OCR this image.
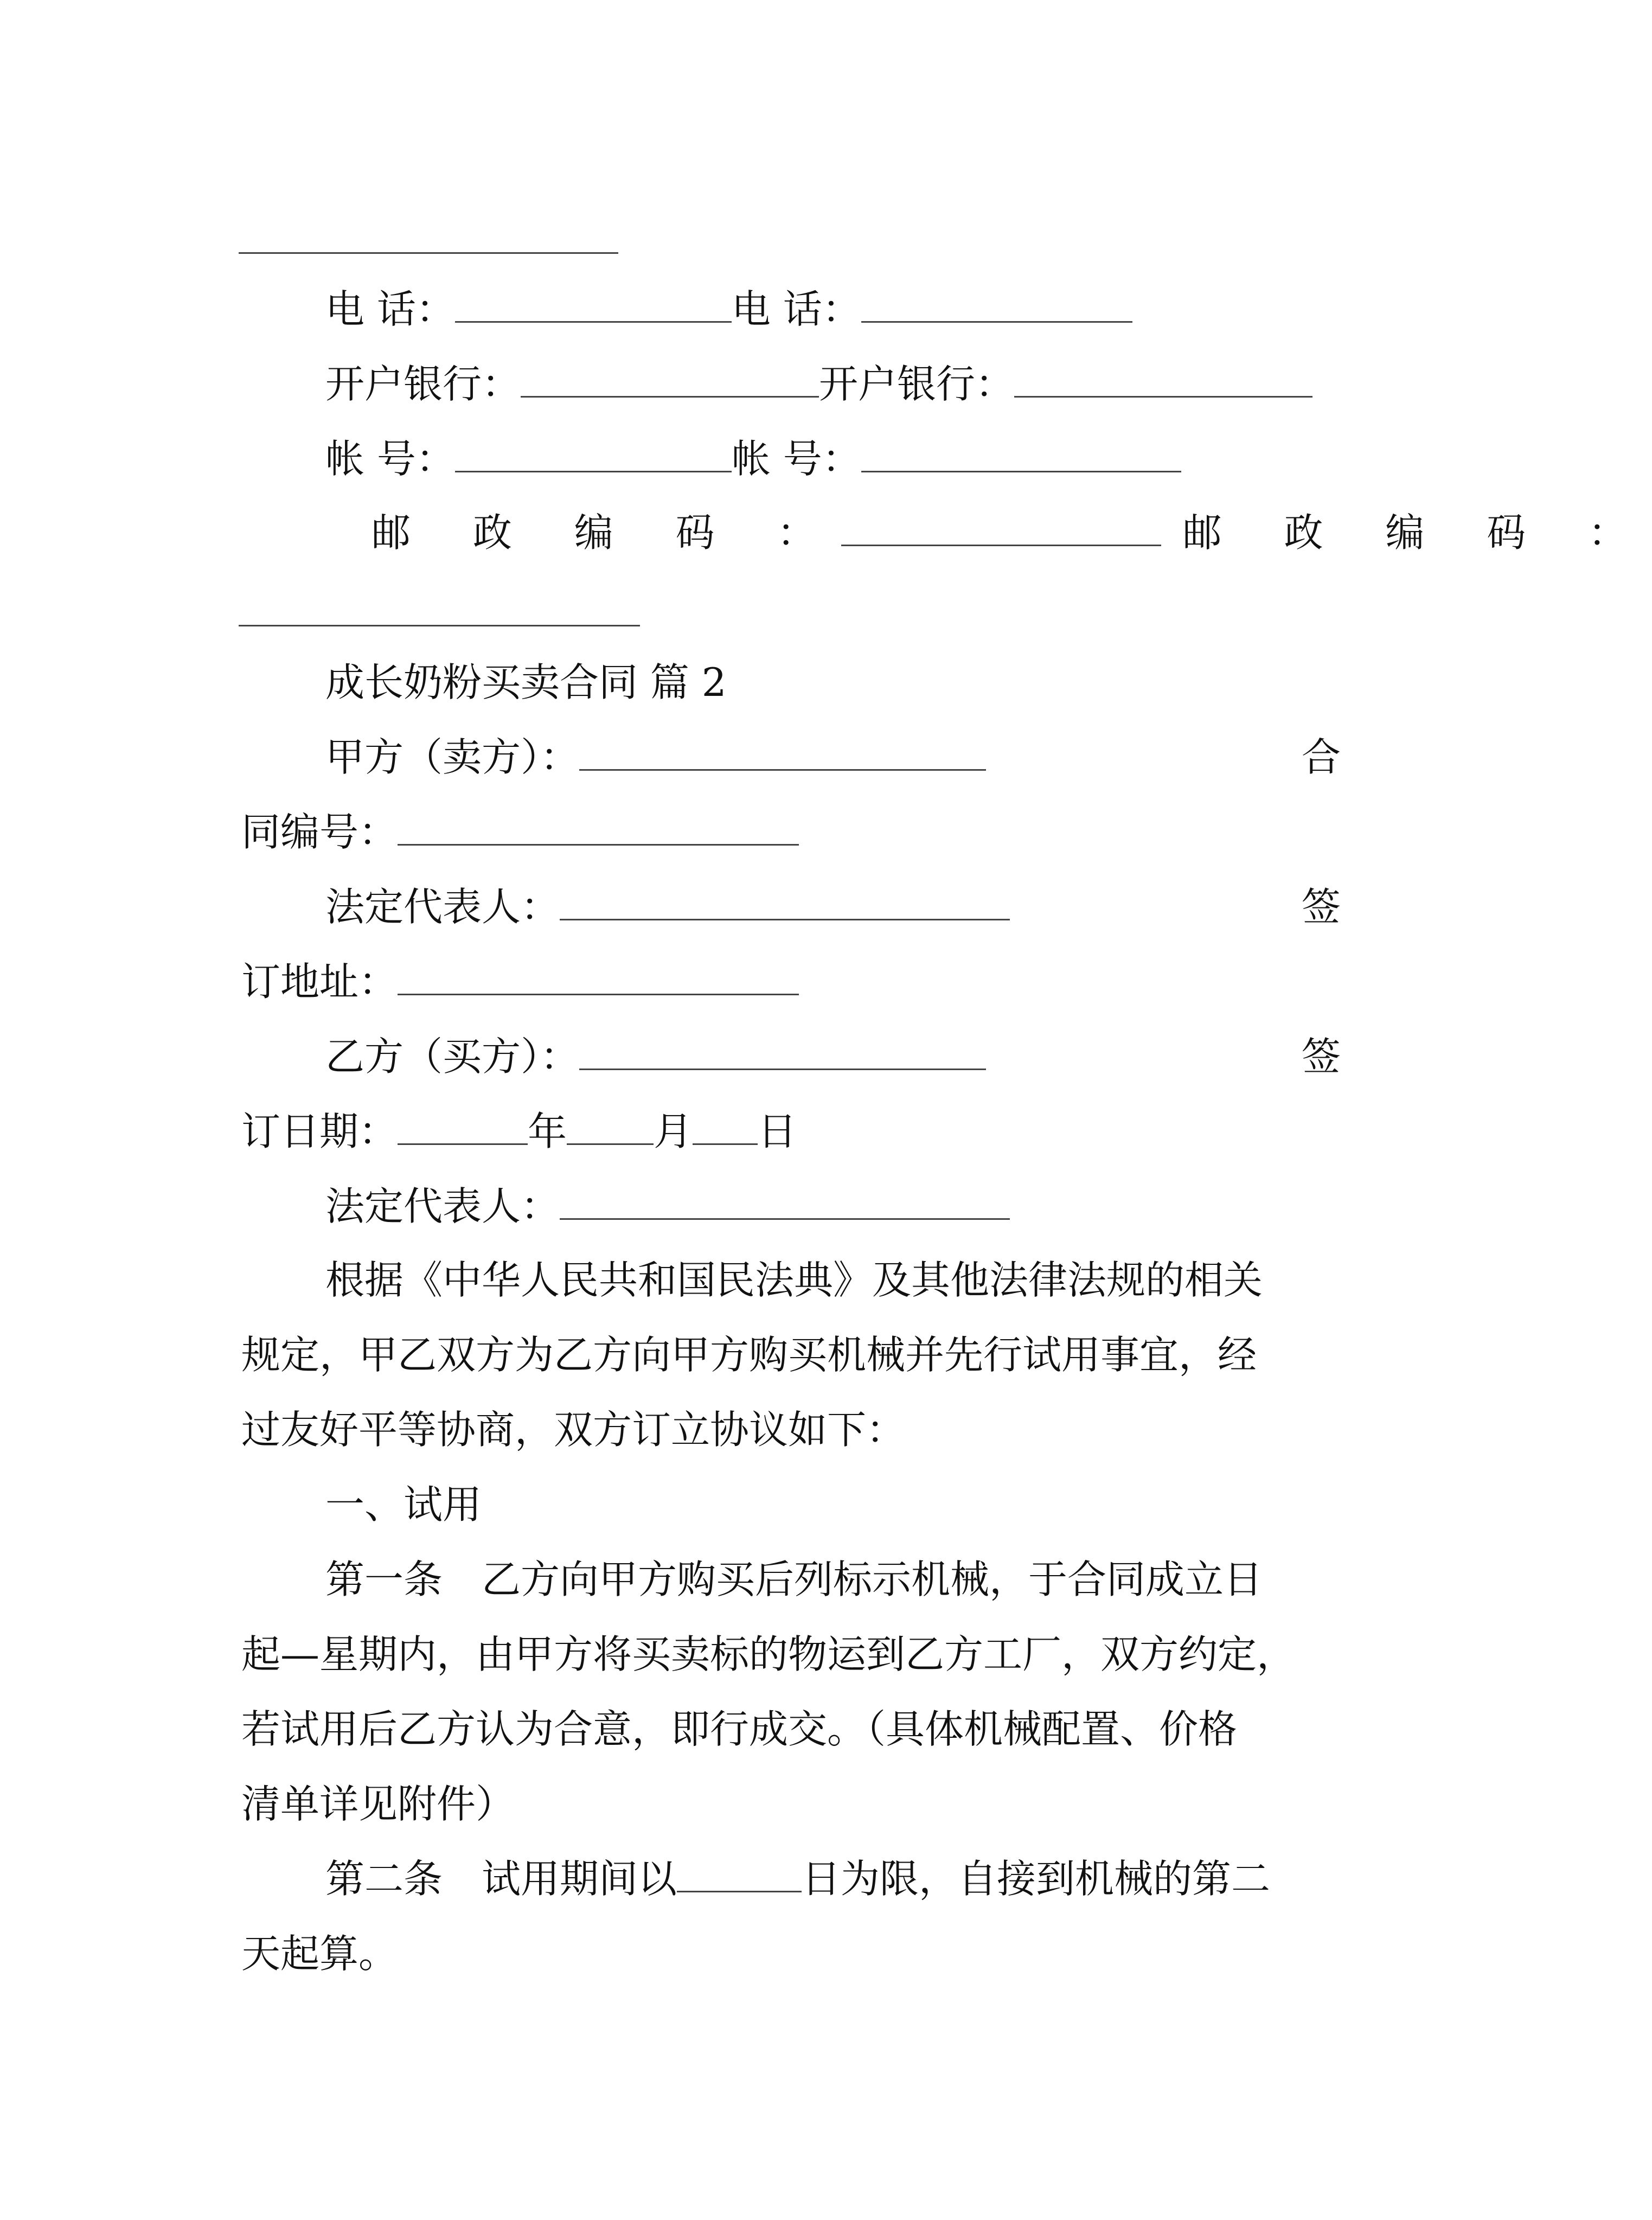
电 话：	电 话：
开户银行：	开户银行：
帐 号：	帐 号：
邮 政 编 码 ：	邮 政 编 码 ：
成长奶粉买卖合同 篇 2
甲方（卖方）：	合
同编号：
法定代表人：	签
订地址：
乙方（买方）：	签
订日期：	年 月 日
法定代表人：
根据《中华人民共和国民法典》及其他法律法规的相关
规定，甲乙双方为乙方向甲方购买机械并先行试用事宜，经
过友好平等协商，双方订立协议如下：
一、试用
第一条　乙方向甲方购买后列标示机械，于合同成立日
起—星期内，由甲方将买卖标的物运到乙方工厂，双方约定，
若试用后乙方认为合意，即行成交。（具体机械配置、价格
清单详见附件）
第二条　试用期间以	日为限，自接到机械的第二
天起算。
